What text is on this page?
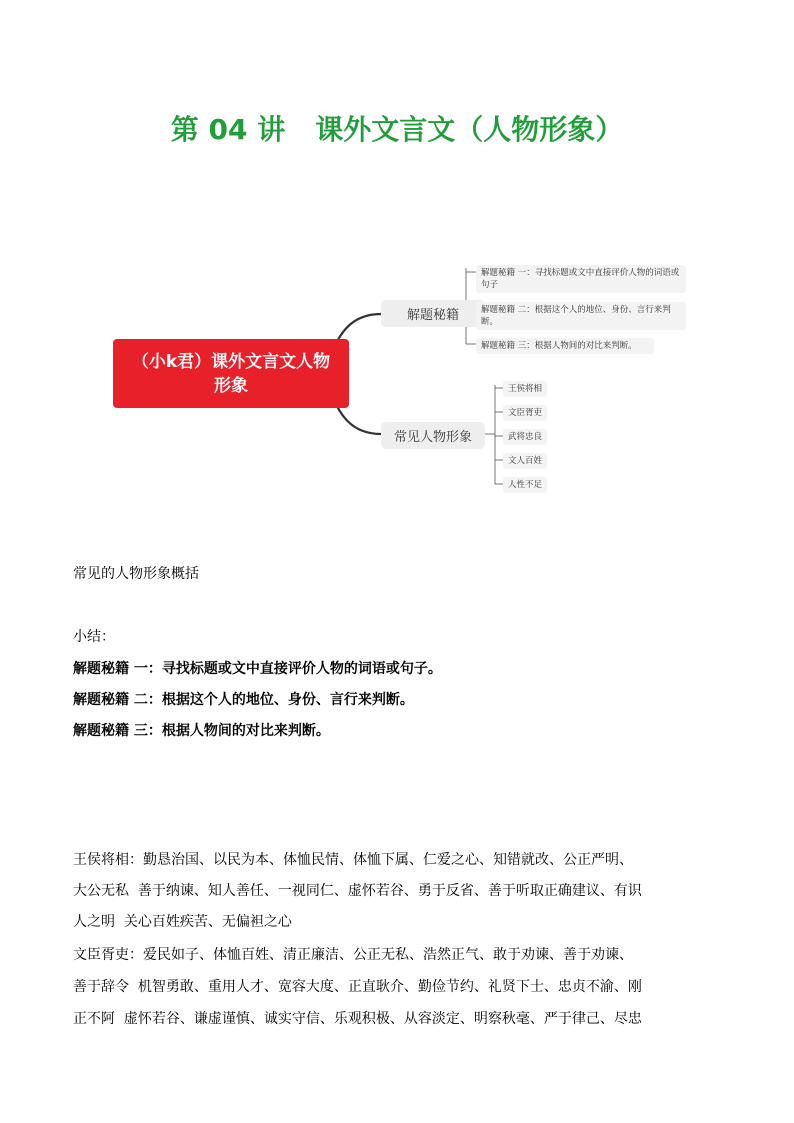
第 04 讲 课外文言文（人物形象）
（小k君）课外文言文人物形象
解题秘籍
常见人物形象
解题秘籍 一：寻找标题或文中直接评价人物的词语或句子
解题秘籍 二：根据这个人的地位、身份、言行来判断。
解题秘籍 三：根据人物间的对比来判断。
王侯将相
文臣胥吏
武将忠良
文人百姓
人性不足
常见的人物形象概括
小结：
解题秘籍 一：寻找标题或文中直接评价人物的词语或句子。
解题秘籍 二：根据这个人的地位、身份、言行来判断。
解题秘籍 三：根据人物间的对比来判断。
王侯将相：勤恳治国、以民为本、体恤民情、体恤下属、仁爱之心、知错就改、公正严明、
大公无私  善于纳谏、知人善任、一视同仁、虚怀若谷、勇于反省、善于听取正确建议、有识
人之明  关心百姓疾苦、无偏袒之心
文臣胥吏：爱民如子、体恤百姓、清正廉洁、公正无私、浩然正气、敢于劝谏、善于劝谏、
善于辞令  机智勇敢、重用人才、宽容大度、正直耿介、勤俭节约、礼贤下士、忠贞不渝、刚
正不阿  虚怀若谷、谦虚谨慎、诚实守信、乐观积极、从容淡定、明察秋毫、严于律己、尽忠
